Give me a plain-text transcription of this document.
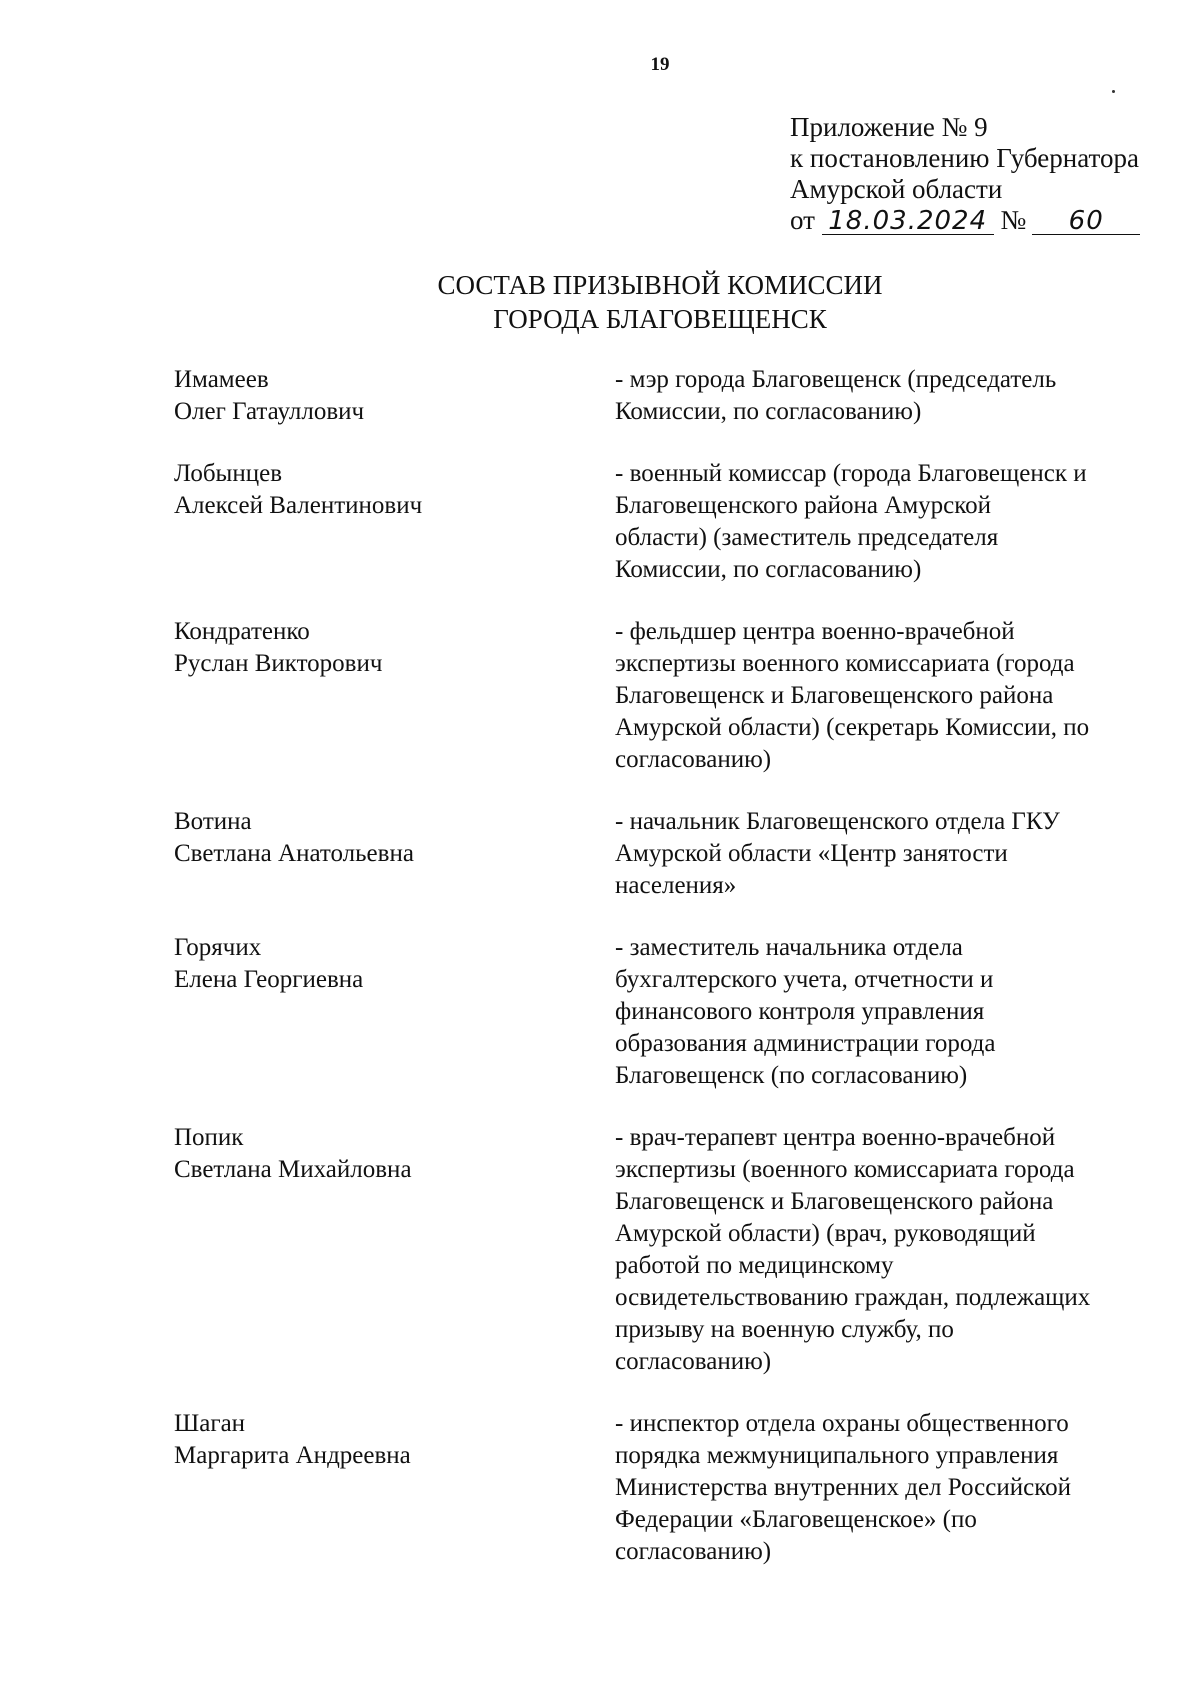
19
Приложение № 9
к постановлению Губернатора
Амурской области
от 18.03.2024 № 60
СОСТАВ ПРИЗЫВНОЙ КОМИССИИ
ГОРОДА БЛАГОВЕЩЕНСК
Имамеев
Олег Гатауллович
- мэр города Благовещенск (председатель
Комиссии, по согласованию)
Лобынцев
Алексей Валентинович
- военный комиссар (города Благовещенск и
Благовещенского района Амурской
области) (заместитель председателя
Комиссии, по согласованию)
Кондратенко
Руслан Викторович
- фельдшер центра военно-врачебной
экспертизы военного комиссариата (города
Благовещенск и Благовещенского района
Амурской области) (секретарь Комиссии, по
согласованию)
Вотина
Светлана Анатольевна
- начальник Благовещенского отдела ГКУ
Амурской области «Центр занятости
населения»
Горячих
Елена Георгиевна
- заместитель начальника отдела
бухгалтерского учета, отчетности и
финансового контроля управления
образования администрации города
Благовещенск (по согласованию)
Попик
Светлана Михайловна
- врач-терапевт центра военно-врачебной
экспертизы (военного комиссариата города
Благовещенск и Благовещенского района
Амурской области) (врач, руководящий
работой по медицинскому
освидетельствованию граждан, подлежащих
призыву на военную службу, по
согласованию)
Шаган
Маргарита Андреевна
- инспектор отдела охраны общественного
порядка межмуниципального управления
Министерства внутренних дел Российской
Федерации «Благовещенское» (по
согласованию)
